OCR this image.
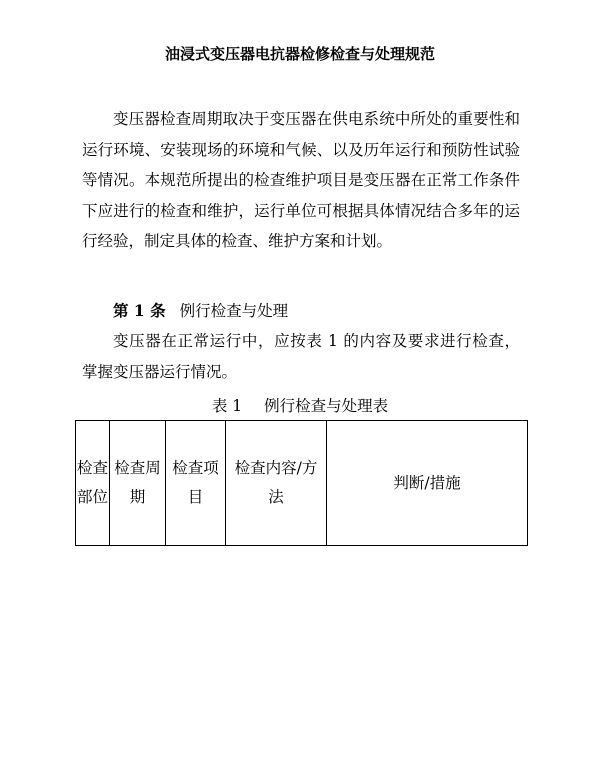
油浸式变压器电抗器检修检查与处理规范

变压器检查周期取决于变压器在供电系统中所处的重要性和运行环境、安装现场的环境和气候、以及历年运行和预防性试验等情况。本规范所提出的检查维护项目是变压器在正常工作条件下应进行的检查和维护，运行单位可根据具体情况结合多年的运行经验，制定具体的检查、维护方案和计划。

第 1 条 例行检查与处理

变压器在正常运行中，应按表 1 的内容及要求进行检查，掌握变压器运行情况。

表 1 例行检查与处理表
检查部位	检查周期	检查项目	检查内容/方法	判断/措施
